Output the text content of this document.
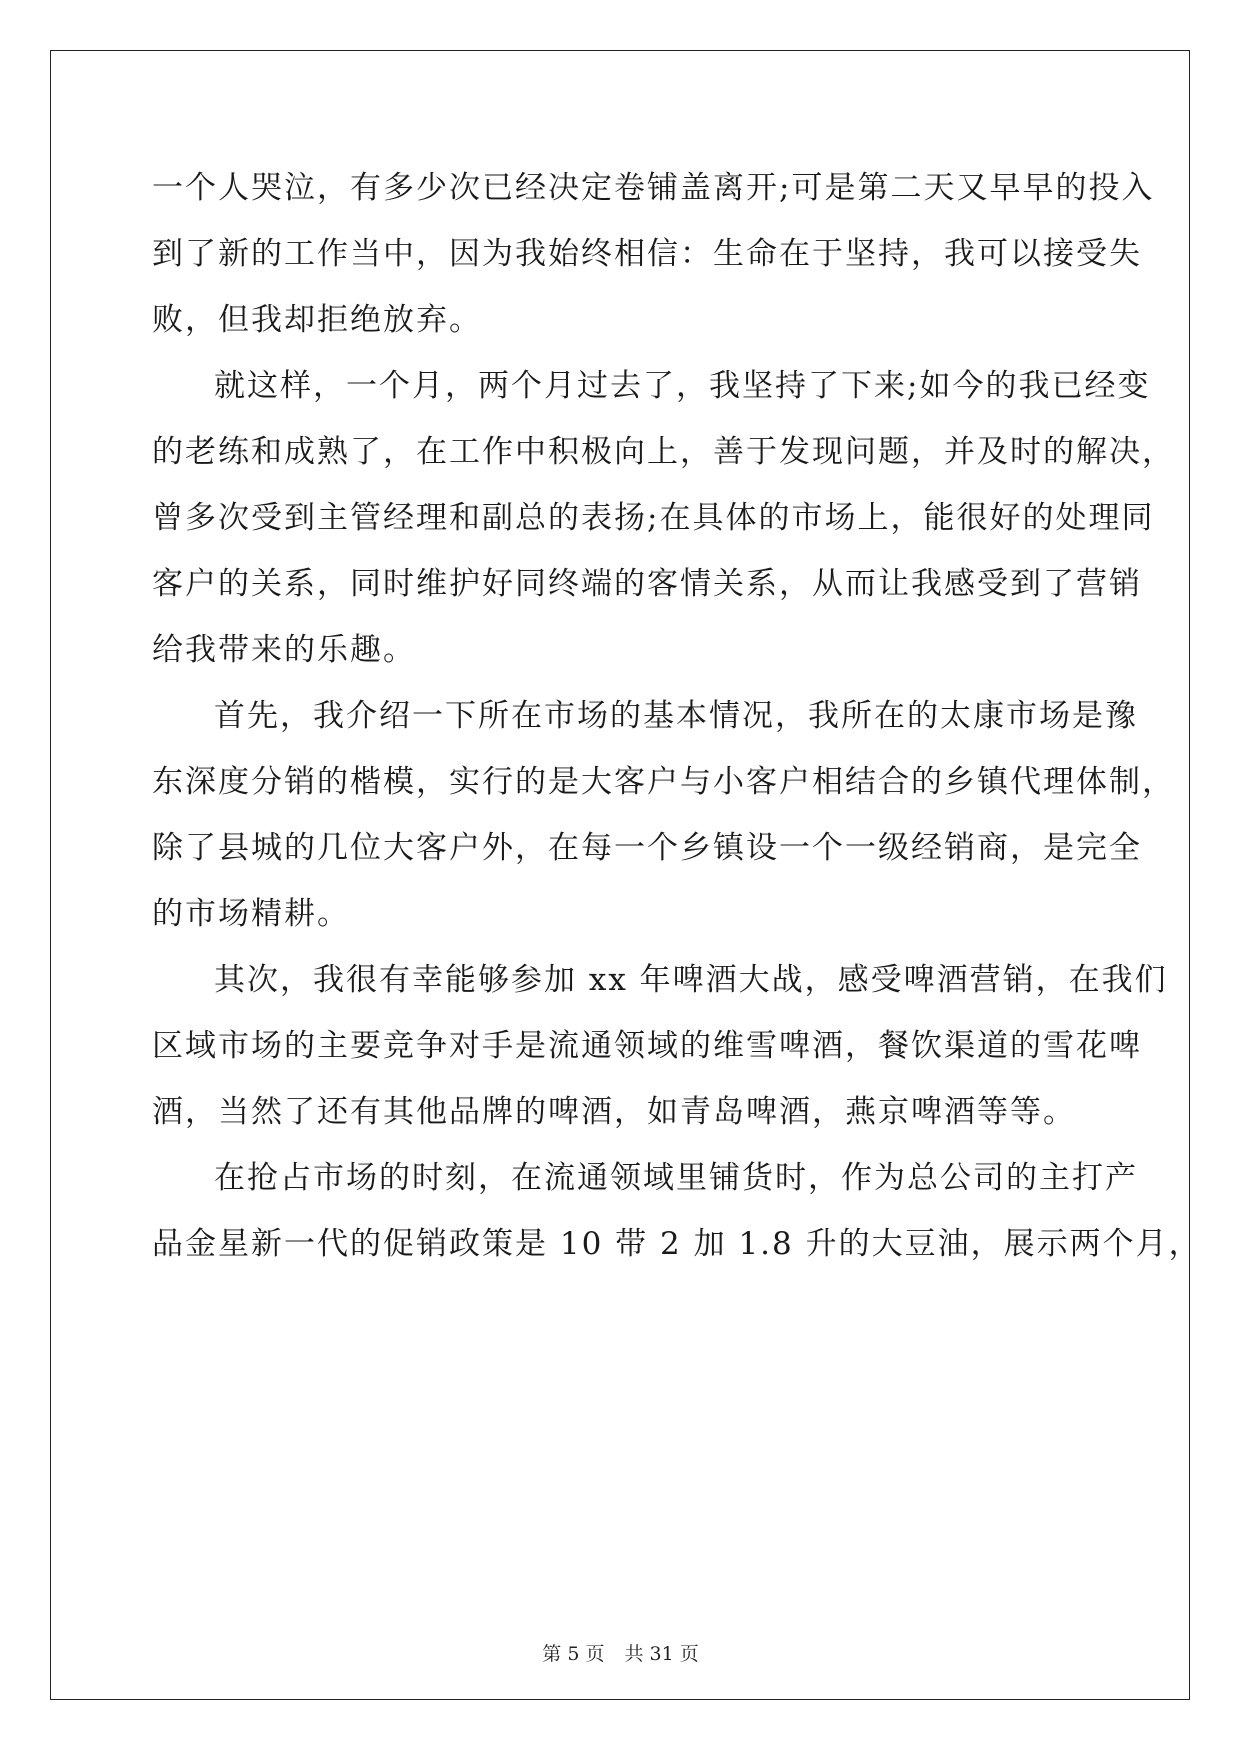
一个人哭泣，有多少次已经决定卷铺盖离开;可是第二天又早早的投入
到了新的工作当中，因为我始终相信：生命在于坚持，我可以接受失
败，但我却拒绝放弃。
就这样，一个月，两个月过去了，我坚持了下来;如今的我已经变
的老练和成熟了，在工作中积极向上，善于发现问题，并及时的解决，
曾多次受到主管经理和副总的表扬;在具体的市场上，能很好的处理同
客户的关系，同时维护好同终端的客情关系，从而让我感受到了营销
给我带来的乐趣。
首先，我介绍一下所在市场的基本情况，我所在的太康市场是豫
东深度分销的楷模，实行的是大客户与小客户相结合的乡镇代理体制，
除了县城的几位大客户外，在每一个乡镇设一个一级经销商，是完全
的市场精耕。
其次，我很有幸能够参加 xx 年啤酒大战，感受啤酒营销，在我们
区域市场的主要竞争对手是流通领域的维雪啤酒，餐饮渠道的雪花啤
酒，当然了还有其他品牌的啤酒，如青岛啤酒，燕京啤酒等等。
在抢占市场的时刻，在流通领域里铺货时，作为总公司的主打产
品金星新一代的促销政策是 10 带 2 加 1.8 升的大豆油，展示两个月，
第 5 页 共 31 页
